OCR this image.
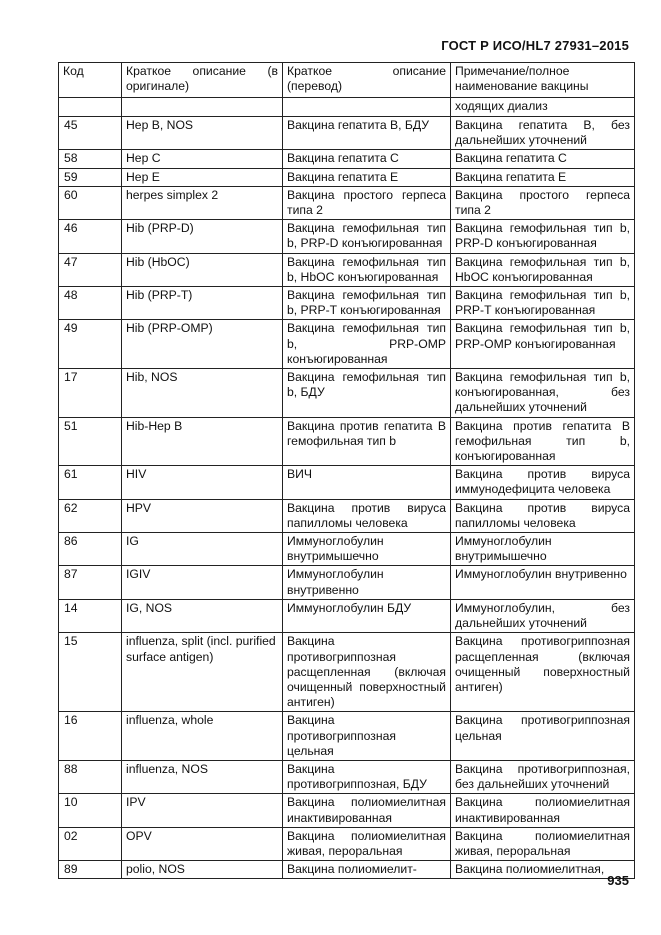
ГОСТ Р ИСО/HL7 27931–2015
Код	Краткое описание (в оригинале)	Краткое описание (перевод)	Примечание/полное наименование вакцины
			ходящих диализ
45	Hep B, NOS	Вакцина гепатита В, БДУ	Вакцина гепатита В, без дальнейших уточнений
58	Hep C	Вакцина гепатита С	Вакцина гепатита С
59	Hep E	Вакцина гепатита Е	Вакцина гепатита Е
60	herpes simplex 2	Вакцина простого герпеса типа 2	Вакцина простого герпеса типа 2
46	Hib (PRP-D)	Вакцина гемофильная тип b, PRP-D конъюгированная	Вакцина гемофильная тип b, PRP-D конъюгированная
47	Hib (HbOC)	Вакцина гемофильная тип b, HbOC конъюгированная	Вакцина гемофильная тип b, HbOC конъюгированная
48	Hib (PRP-T)	Вакцина гемофильная тип b, PRP-T конъюгированная	Вакцина гемофильная тип b, PRP-T конъюгированная
49	Hib (PRP-OMP)	Вакцина гемофильная тип b, PRP-OMP конъюгированная	Вакцина гемофильная тип b, PRP-OMP конъюгированная
17	Hib, NOS	Вакцина гемофильная тип b, БДУ	Вакцина гемофильная тип b, конъюгированная, без дальнейших уточнений
51	Hib-Hep B	Вакцина против гепатита В гемофильная тип b	Вакцина против гепатита В гемофильная тип b, конъюгированная
61	HIV	ВИЧ	Вакцина против вируса иммунодефицита человека
62	HPV	Вакцина против вируса папилломы человека	Вакцина против вируса папилломы человека
86	IG	Иммуноглобулин внутримышечно	Иммуноглобулин внутримышечно
87	IGIV	Иммуноглобулин внутривенно	Иммуноглобулин внутривенно
14	IG, NOS	Иммуноглобулин БДУ	Иммуноглобулин, без дальнейших уточнений
15	influenza, split (incl. purified surface antigen)	Вакцина противогриппозная расщепленная (включая очищенный поверхностный антиген)	Вакцина противогриппозная расщепленная (включая очищенный поверхностный антиген)
16	influenza, whole	Вакцина противогриппозная цельная	Вакцина противогриппозная цельная
88	influenza, NOS	Вакцина противогриппозная, БДУ	Вакцина противогриппозная, без дальнейших уточнений
10	IPV	Вакцина полиомиелитная инактивированная	Вакцина полиомиелитная инактивированная
02	OPV	Вакцина полиомиелитная живая, пероральная	Вакцина полиомиелитная живая, пероральная
89	polio, NOS	Вакцина полиомиелит-	Вакцина полиомиелитная,
935
